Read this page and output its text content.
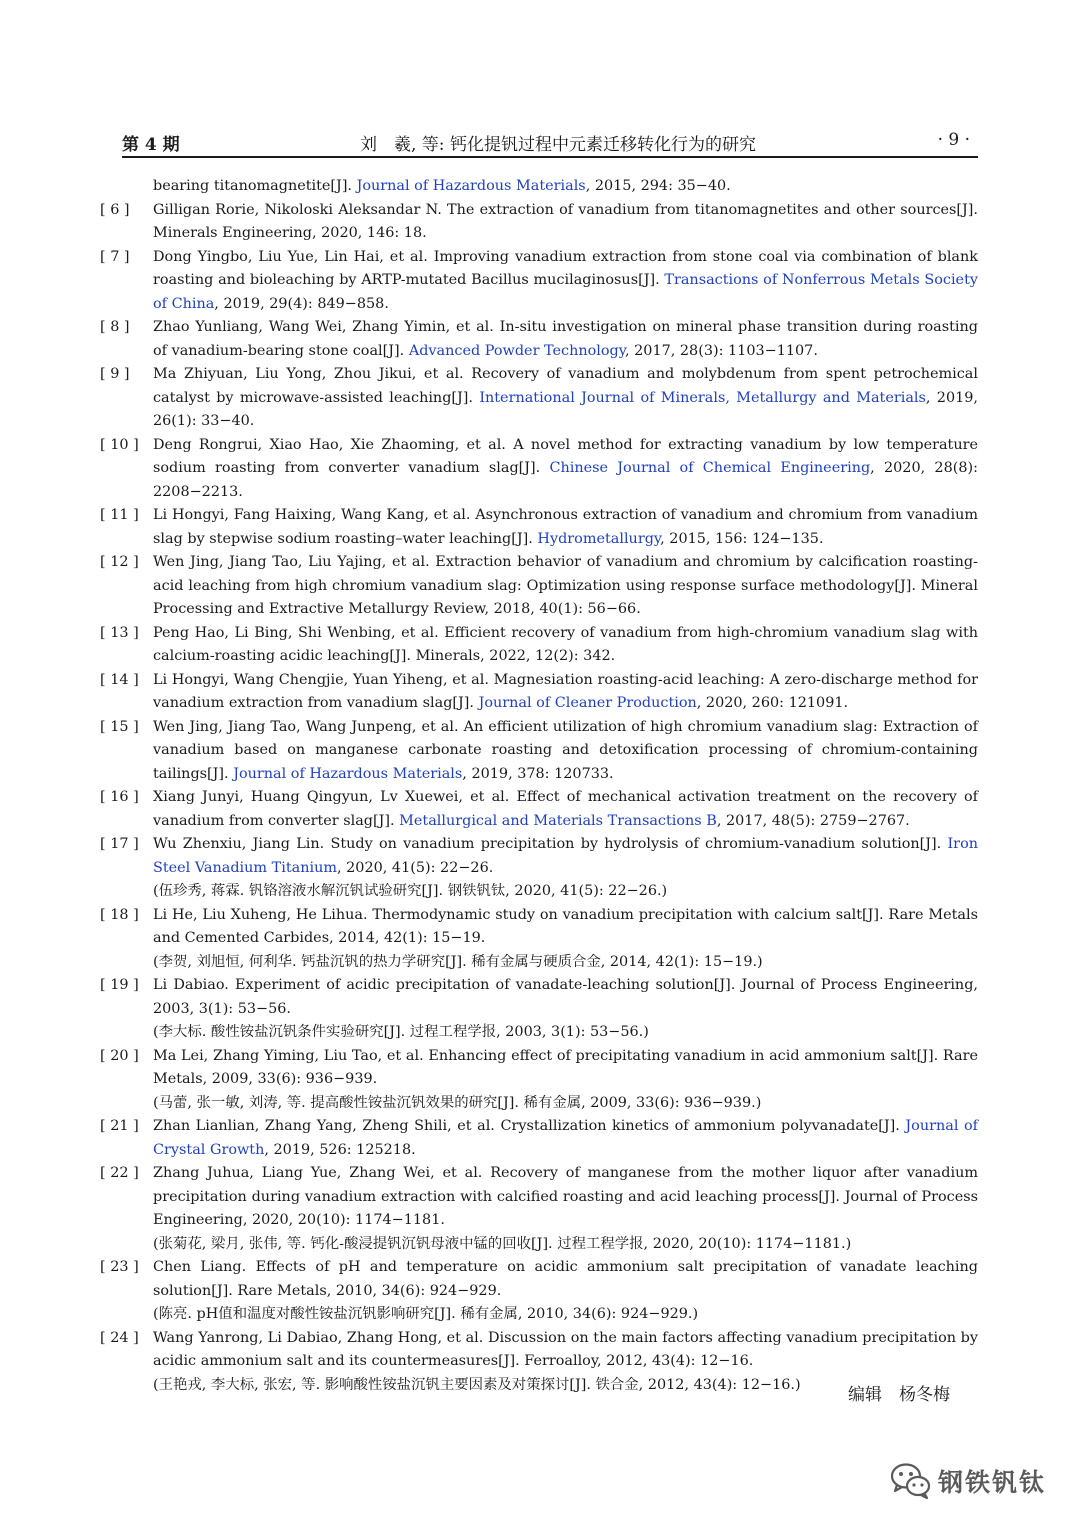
第 4 期	刘　羲, 等: 钙化提钒过程中元素迁移转化行为的研究	· 9 ·
bearing titanomagnetite[J]. Journal of Hazardous Materials, 2015, 294: 35−40.
[ 6 ]	Gilligan Rorie, Nikoloski Aleksandar N. The extraction of vanadium from titanomagnetites and other sources[J]. Minerals Engineering, 2020, 146: 18.
[ 7 ]	Dong Yingbo, Liu Yue, Lin Hai, et al. Improving vanadium extraction from stone coal via combination of blank roasting and bioleaching by ARTP-mutated Bacillus mucilaginosus[J]. Transactions of Nonferrous Metals Society of China, 2019, 29(4): 849−858.
[ 8 ]	Zhao Yunliang, Wang Wei, Zhang Yimin, et al. In-situ investigation on mineral phase transition during roasting of vanadium-bearing stone coal[J]. Advanced Powder Technology, 2017, 28(3): 1103−1107.
[ 9 ]	Ma Zhiyuan, Liu Yong, Zhou Jikui, et al. Recovery of vanadium and molybdenum from spent petrochemical catalyst by microwave-assisted leaching[J]. International Journal of Minerals, Metallurgy and Materials, 2019, 26(1): 33−40.
[ 10 ] Deng Rongrui, Xiao Hao, Xie Zhaoming, et al. A novel method for extracting vanadium by low temperature sodium roasting from converter vanadium slag[J]. Chinese Journal of Chemical Engineering, 2020, 28(8): 2208−2213.
[ 11 ] Li Hongyi, Fang Haixing, Wang Kang, et al. Asynchronous extraction of vanadium and chromium from vanadium slag by stepwise sodium roasting–water leaching[J]. Hydrometallurgy, 2015, 156: 124−135.
[ 12 ] Wen Jing, Jiang Tao, Liu Yajing, et al. Extraction behavior of vanadium and chromium by calcification roasting-acid leaching from high chromium vanadium slag: Optimization using response surface methodology[J]. Mineral Processing and Extractive Metallurgy Review, 2018, 40(1): 56−66.
[ 13 ] Peng Hao, Li Bing, Shi Wenbing, et al. Efficient recovery of vanadium from high-chromium vanadium slag with calcium-roasting acidic leaching[J]. Minerals, 2022, 12(2): 342.
[ 14 ] Li Hongyi, Wang Chengjie, Yuan Yiheng, et al. Magnesiation roasting-acid leaching: A zero-discharge method for vanadium extraction from vanadium slag[J]. Journal of Cleaner Production, 2020, 260: 121091.
[ 15 ] Wen Jing, Jiang Tao, Wang Junpeng, et al. An efficient utilization of high chromium vanadium slag: Extraction of vanadium based on manganese carbonate roasting and detoxification processing of chromium-containing tailings[J]. Journal of Hazardous Materials, 2019, 378: 120733.
[ 16 ] Xiang Junyi, Huang Qingyun, Lv Xuewei, et al. Effect of mechanical activation treatment on the recovery of vanadium from converter slag[J]. Metallurgical and Materials Transactions B, 2017, 48(5): 2759−2767.
[ 17 ] Wu Zhenxiu, Jiang Lin. Study on vanadium precipitation by hydrolysis of chromium-vanadium solution[J]. Iron Steel Vanadium Titanium, 2020, 41(5): 22−26.
(伍珍秀, 蒋霖. 钒铬溶液水解沉钒试验研究[J]. 钢铁钒钛, 2020, 41(5): 22−26.)
[ 18 ] Li He, Liu Xuheng, He Lihua. Thermodynamic study on vanadium precipitation with calcium salt[J]. Rare Metals and Cemented Carbides, 2014, 42(1): 15−19.
(李贺, 刘旭恒, 何利华. 钙盐沉钒的热力学研究[J]. 稀有金属与硬质合金, 2014, 42(1): 15−19.)
[ 19 ] Li Dabiao. Experiment of acidic precipitation of vanadate-leaching solution[J]. Journal of Process Engineering, 2003, 3(1): 53−56.
(李大标. 酸性铵盐沉钒条件实验研究[J]. 过程工程学报, 2003, 3(1): 53−56.)
[ 20 ] Ma Lei, Zhang Yiming, Liu Tao, et al. Enhancing effect of precipitating vanadium in acid ammonium salt[J]. Rare Metals, 2009, 33(6): 936−939.
(马蕾, 张一敏, 刘涛, 等. 提高酸性铵盐沉钒效果的研究[J]. 稀有金属, 2009, 33(6): 936−939.)
[ 21 ] Zhan Lianlian, Zhang Yang, Zheng Shili, et al. Crystallization kinetics of ammonium polyvanadate[J]. Journal of Crystal Growth, 2019, 526: 125218.
[ 22 ] Zhang Juhua, Liang Yue, Zhang Wei, et al. Recovery of manganese from the mother liquor after vanadium precipitation during vanadium extraction with calcified roasting and acid leaching process[J]. Journal of Process Engineering, 2020, 20(10): 1174−1181.
(张菊花, 梁月, 张伟, 等. 钙化-酸浸提钒沉钒母液中锰的回收[J]. 过程工程学报, 2020, 20(10): 1174−1181.)
[ 23 ] Chen Liang. Effects of pH and temperature on acidic ammonium salt precipitation of vanadate leaching solution[J]. Rare Metals, 2010, 34(6): 924−929.
(陈亮. pH值和温度对酸性铵盐沉钒影响研究[J]. 稀有金属, 2010, 34(6): 924−929.)
[ 24 ] Wang Yanrong, Li Dabiao, Zhang Hong, et al. Discussion on the main factors affecting vanadium precipitation by acidic ammonium salt and its countermeasures[J]. Ferroalloy, 2012, 43(4): 12−16.
(王艳戎, 李大标, 张宏, 等. 影响酸性铵盐沉钒主要因素及对策探讨[J]. 铁合金, 2012, 43(4): 12−16.)
编辑　杨冬梅
钢铁钒钛
